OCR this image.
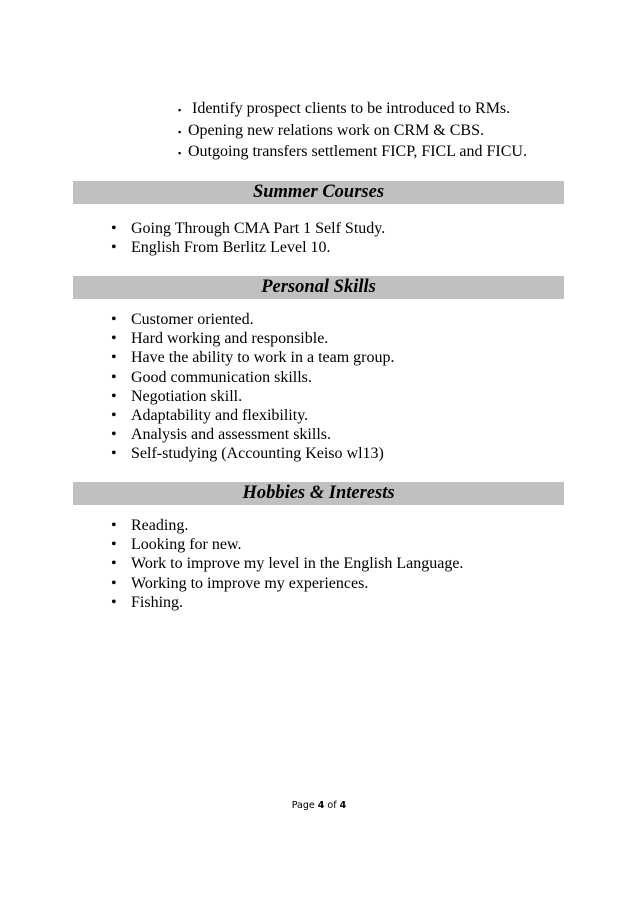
▪ Identify prospect clients to be introduced to RMs.
▪ Opening new relations work on CRM & CBS.
▪ Outgoing transfers settlement FICP, FICL and FICU.
Summer Courses
• Going Through CMA Part 1 Self Study.
• English From Berlitz Level 10.
Personal Skills
• Customer oriented.
• Hard working and responsible.
• Have the ability to work in a team group.
• Good communication skills.
• Negotiation skill.
• Adaptability and flexibility.
• Analysis and assessment skills.
• Self-studying (Accounting Keiso wl13)
Hobbies & Interests
• Reading.
• Looking for new.
• Work to improve my level in the English Language.
• Working to improve my experiences.
• Fishing.
Page 4 of 4
